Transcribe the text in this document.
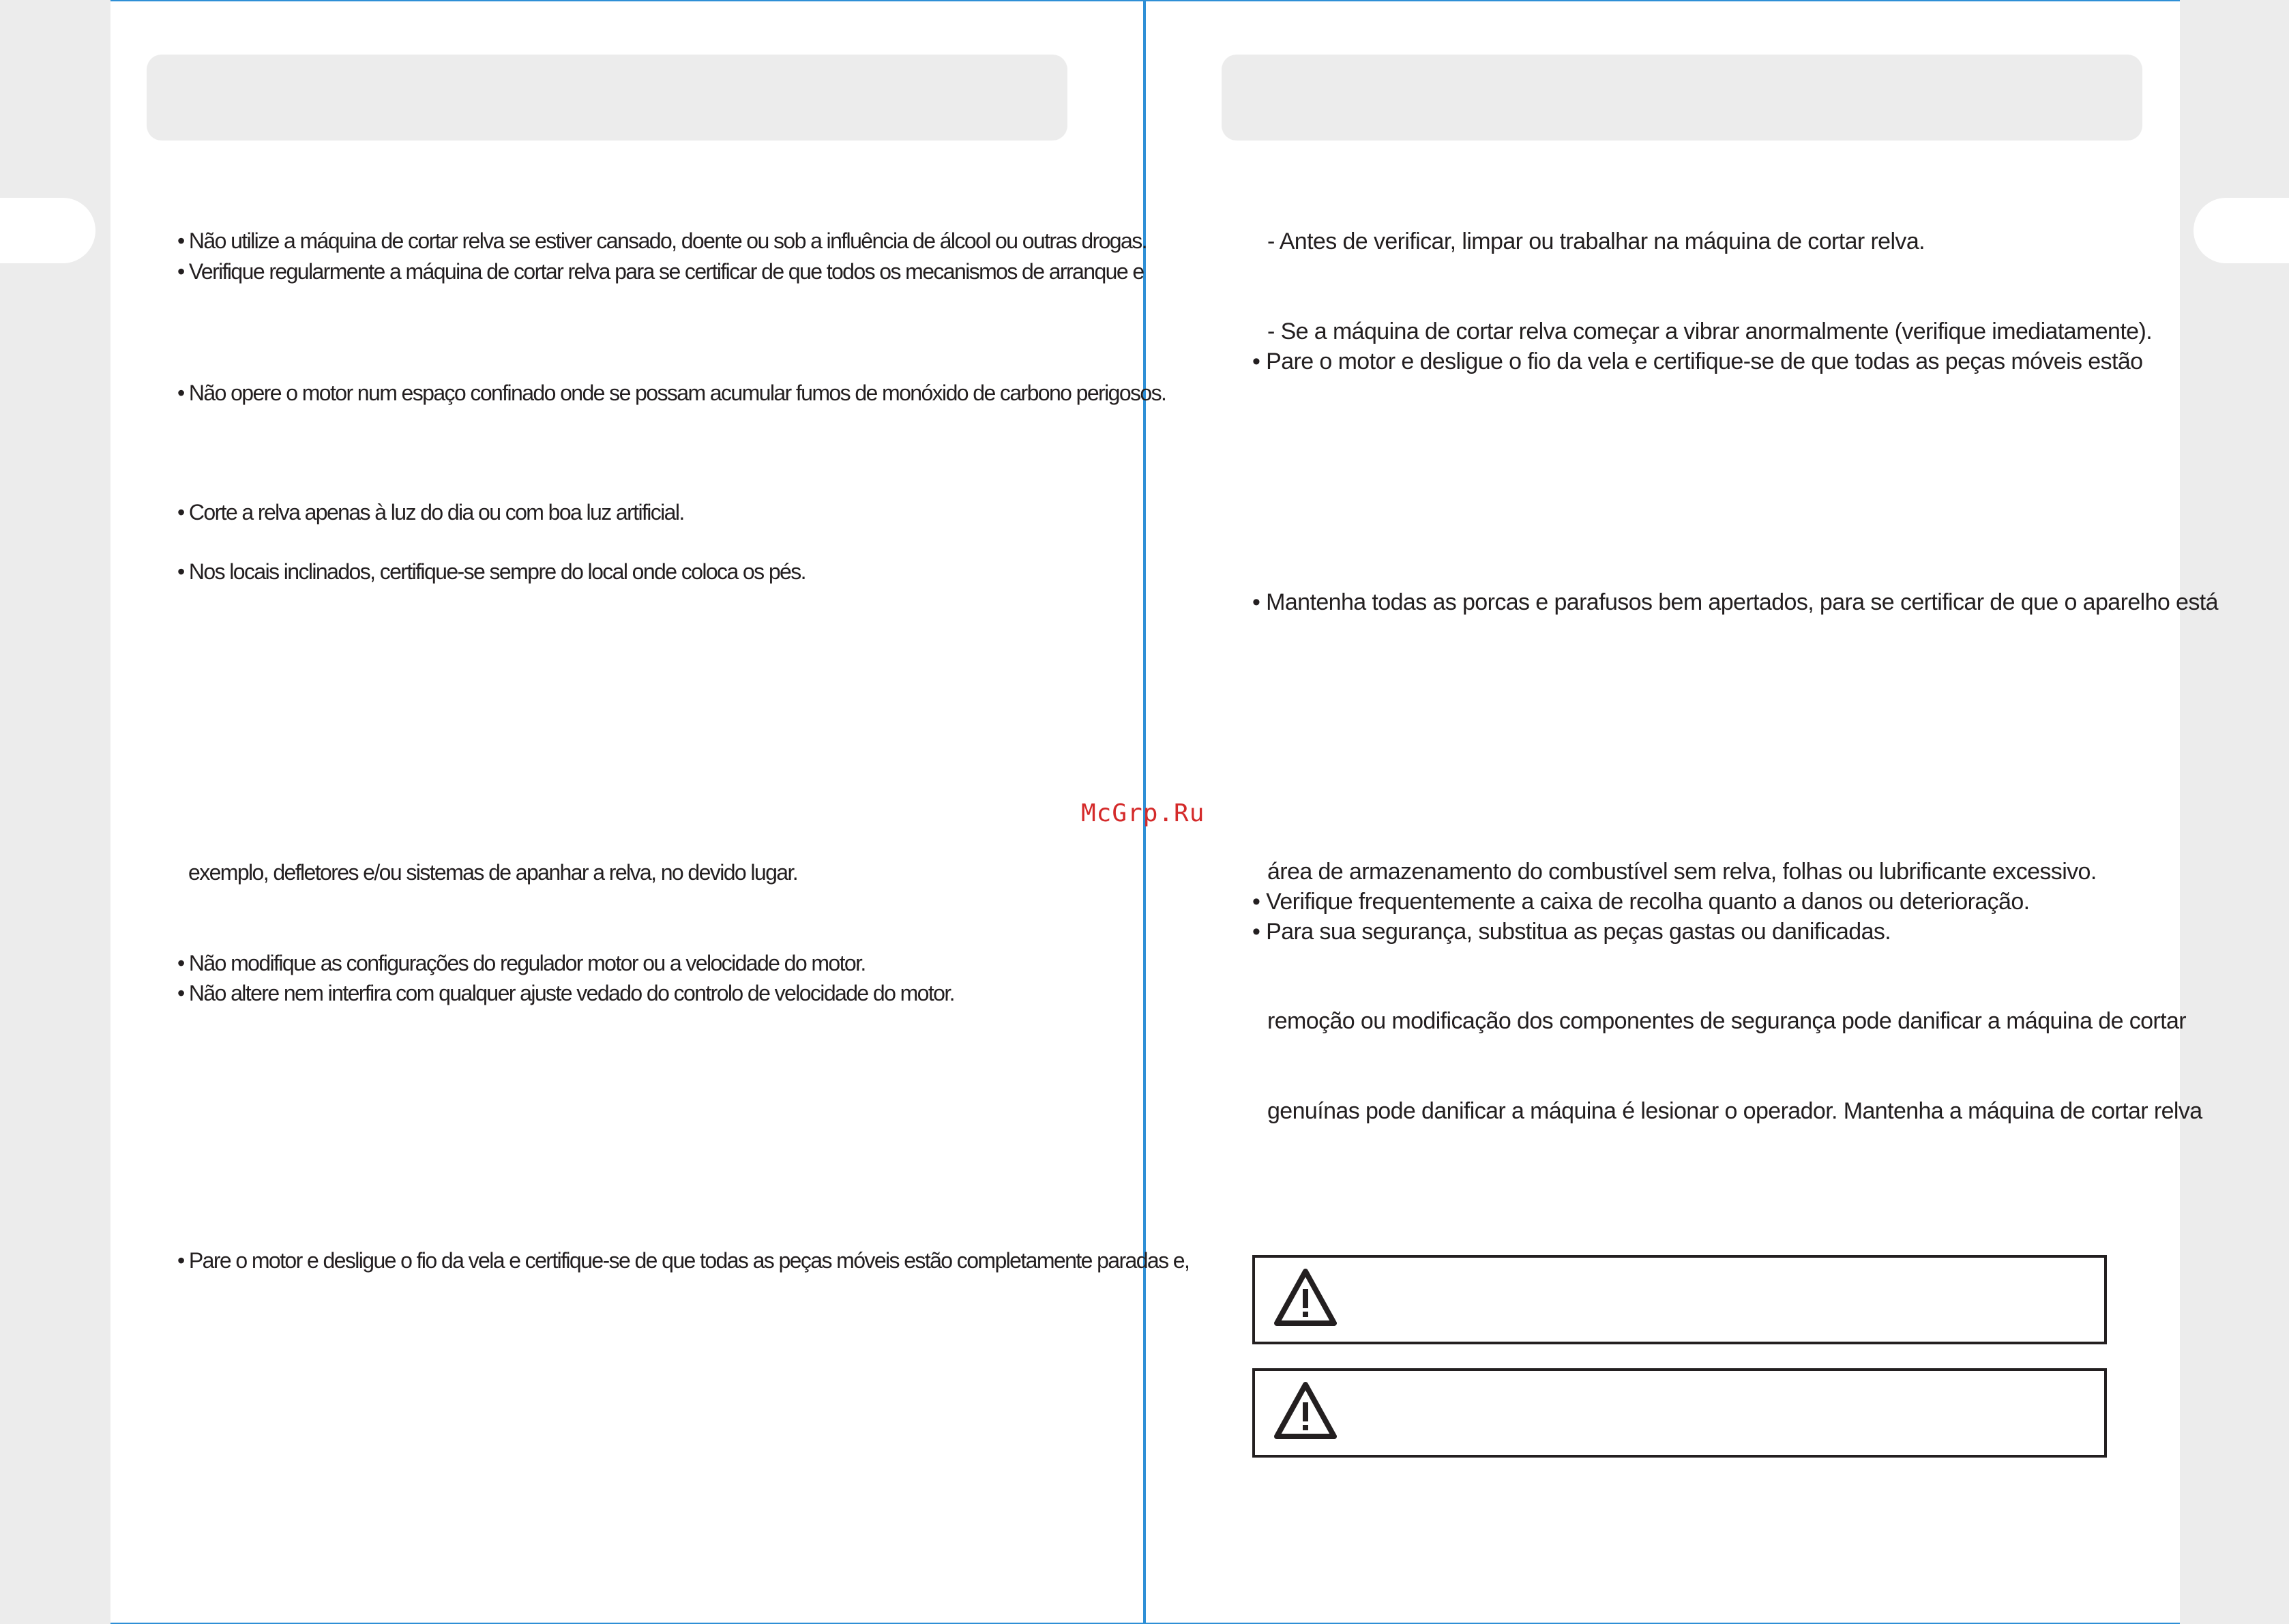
• Não utilize a máquina de cortar relva se estiver cansado, doente ou sob a influência de álcool ou outras drogas.
• Verifique regularmente a máquina de cortar relva para se certificar de que todos os mecanismos de arranque e
• Não opere o motor num espaço confinado onde se possam acumular fumos de monóxido de carbono perigosos.
• Corte a relva apenas à luz do dia ou com boa luz artificial.
• Nos locais inclinados, certifique-se sempre do local onde coloca os pés.
exemplo, defletores e/ou sistemas de apanhar a relva, no devido lugar.
• Não modifique as configurações do regulador motor ou a velocidade do motor.
• Não altere nem interfira com qualquer ajuste vedado do controlo de velocidade do motor.
• Pare o motor e desligue o fio da vela e certifique-se de que todas as peças móveis estão completamente paradas e,
McGrp.Ru
- Antes de verificar, limpar ou trabalhar na máquina de cortar relva.
- Se a máquina de cortar relva começar a vibrar anormalmente (verifique imediatamente).
• Pare o motor e desligue o fio da vela e certifique-se de que todas as peças móveis estão
• Mantenha todas as porcas e parafusos bem apertados, para se certificar de que o aparelho está
área de armazenamento do combustível sem relva, folhas ou lubrificante excessivo.
• Verifique frequentemente a caixa de recolha quanto a danos ou deterioração.
• Para sua segurança, substitua as peças gastas ou danificadas.
remoção ou modificação dos componentes de segurança pode danificar a máquina de cortar
genuínas pode danificar a máquina é lesionar o operador. Mantenha a máquina de cortar relva
